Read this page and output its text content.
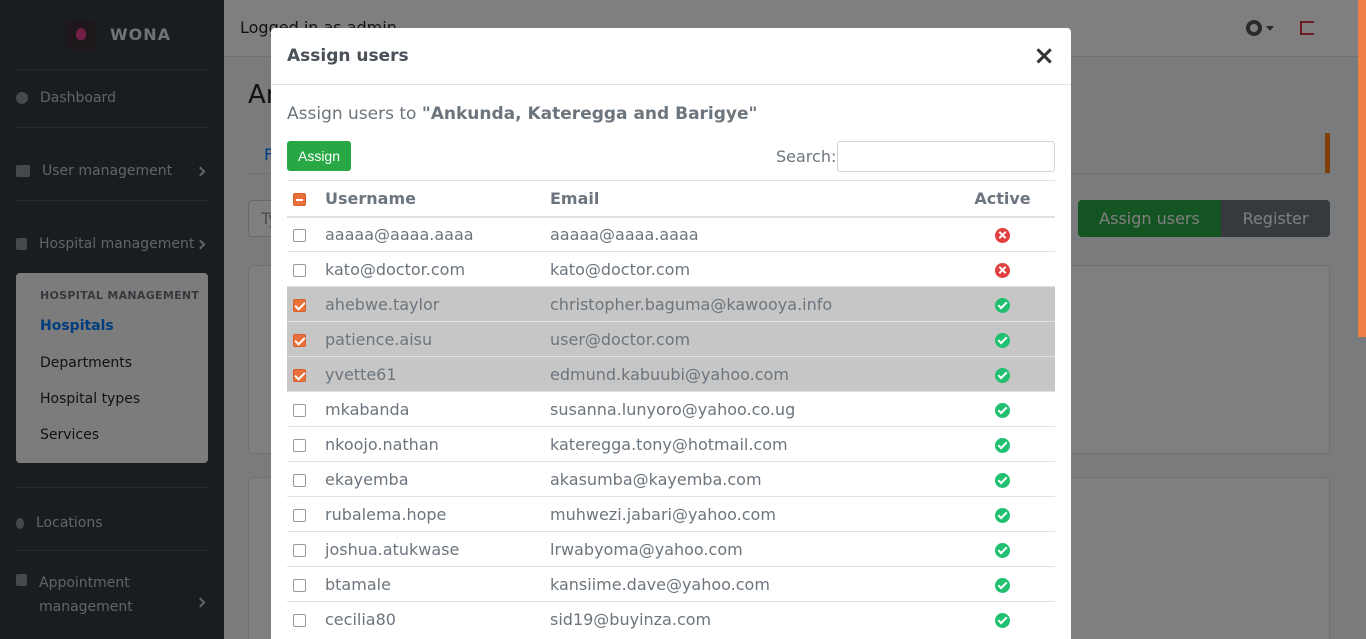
Assign users	×
Assign users to "Ankunda, Kateregga and Barigye"
Assign	Search:
	Username	Email	Active
	aaaaa@aaaa.aaaa	aaaaa@aaaa.aaaa	
	kato@doctor.com	kato@doctor.com	
	ahebwe.taylor	christopher.baguma@kawooya.info	
	patience.aisu	user@doctor.com	
	yvette61	edmund.kabuubi@yahoo.com	
	mkabanda	susanna.lunyoro@yahoo.co.ug	
	nkoojo.nathan	kateregga.tony@hotmail.com	
	ekayemba	akasumba@kayemba.com	
	rubalema.hope	muhwezi.jabari@yahoo.com	
	joshua.atukwase	lrwabyoma@yahoo.com	
	btamale	kansiime.dave@yahoo.com	
	cecilia80	sid19@buyinza.com	
